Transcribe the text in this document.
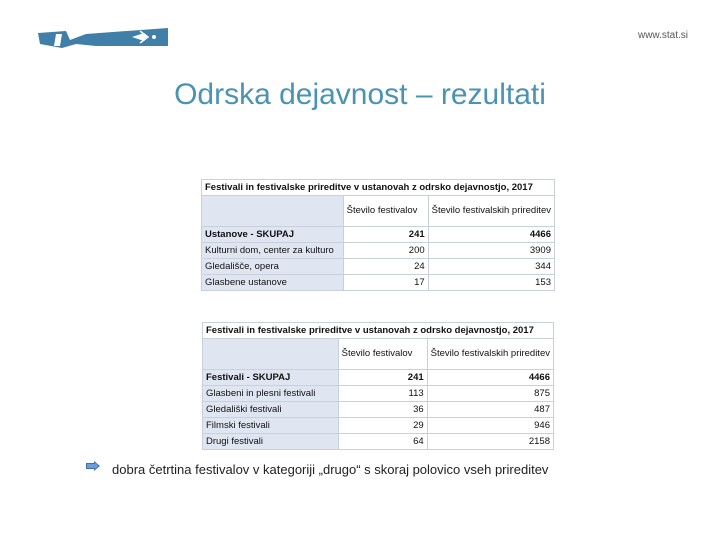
www.stat.si
Odrska dejavnost – rezultati
Festivali in festivalske prireditve v ustanovah z odrsko dejavnostjo, 2017		
	Število festivalov	Število festivalskih prireditev
Ustanove - SKUPAJ	241	4466
Kulturni dom, center za kulturo	200	3909
Gledališče, opera	24	344
Glasbene ustanove	17	153
Festivali in festivalske prireditve v ustanovah z odrsko dejavnostjo, 2017		
	Število festivalov	Število festivalskih prireditev
Festivali - SKUPAJ	241	4466
Glasbeni in plesni festivali	113	875
Gledališki festivali	36	487
Filmski festivali	29	946
Drugi festivali	64	2158
dobra četrtina festivalov v kategoriji „drugo“ s skoraj polovico vseh prireditev
